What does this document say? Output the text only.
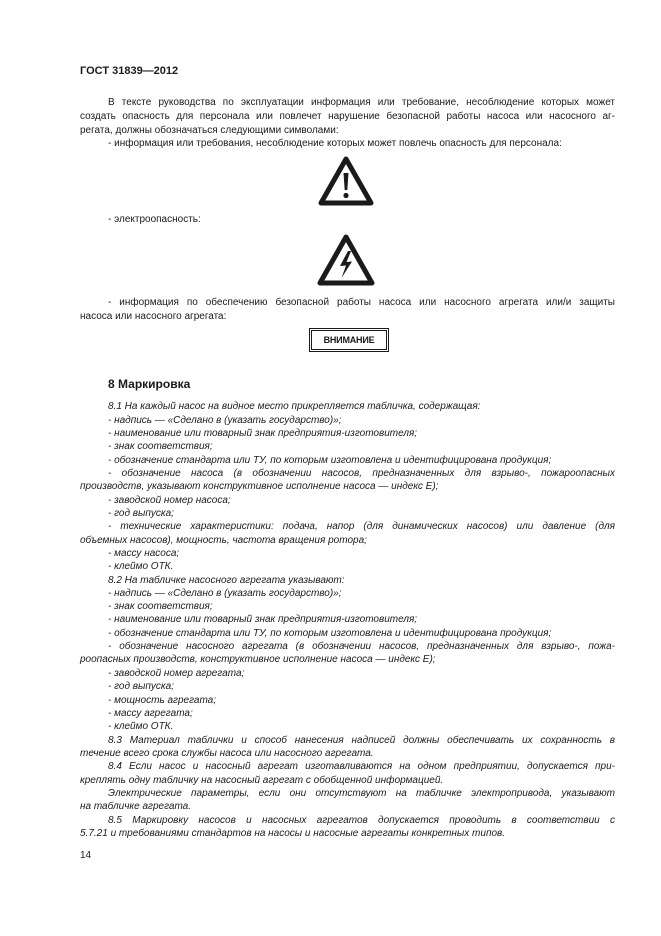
ГОСТ 31839—2012
В тексте руководства по эксплуатации информация или требование, несоблюдение которых может
создать опасность для персонала или повлечет нарушение безопасной работы насоса или насосного аг-
регата, должны обозначаться следующими символами:
- информация или требования, несоблюдение которых может повлечь опасность для персонала:
- электроопасность:
- информация по обеспечению безопасной работы насоса или насосного агрегата или/и защиты
насоса или насосного агрегата:
ВНИМАНИЕ
8 Маркировка
8.1 На каждый насос на видное место прикрепляется табличка, содержащая:
- надпись — «Сделано в (указать государство)»;
- наименование или товарный знак предприятия-изготовителя;
- знак соответствия;
- обозначение стандарта или ТУ, по которым изготовлена и идентифицирована продукция;
- обозначение насоса (в обозначении насосов, предназначенных для взрыво-, пожароопасных
производств, указывают конструктивное исполнение насоса — индекс Е);
- заводской номер насоса;
- год выпуска;
- технические характеристики: подача, напор (для динамических насосов) или давление (для
объемных насосов), мощность, частота вращения ротора;
- массу насоса;
- клеймо ОТК.
8.2 На табличке насосного агрегата указывают:
- надпись — «Сделано в (указать государство)»;
- знак соответствия;
- наименование или товарный знак предприятия-изготовителя;
- обозначение стандарта или ТУ, по которым изготовлена и идентифицирована продукция;
- обозначение насосного агрегата (в обозначении насосов, предназначенных для взрыво-, пожа-
роопасных производств, конструктивное исполнение насоса — индекс Е);
- заводской номер агрегата;
- год выпуска;
- мощность агрегата;
- массу агрегата;
- клеймо ОТК.
8.3 Материал таблички и способ нанесения надписей должны обеспечивать их сохранность в
течение всего срока службы насоса или насосного агрегата.
8.4 Если насос и насосный агрегат изготавливаются на одном предприятии, допускается при-
креплять одну табличку на насосный агрегат с обобщенной информацией.
Электрические параметры, если они отсутствуют на табличке электропривода, указывают
на табличке агрегата.
8.5 Маркировку насосов и насосных агрегатов допускается проводить в соответствии с
5.7.21 и требованиями стандартов на насосы и насосные агрегаты конкретных типов.
14
